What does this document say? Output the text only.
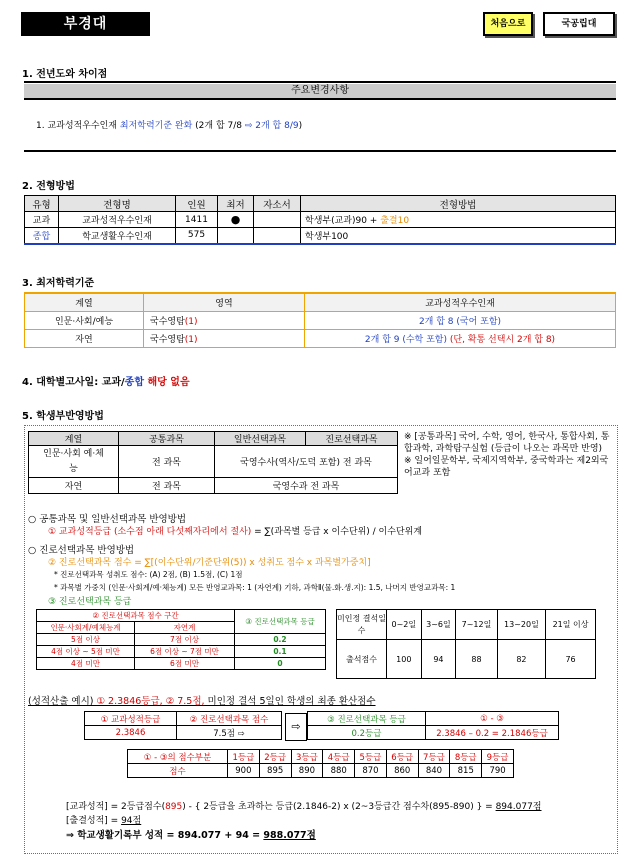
부경대	처음으로	국공립대
1. 전년도와 차이점
주요변경사항
1. 교과성적우수인재 최저학력기준 완화 (2개 합 7/8 ⇨ 2개 합 8/9)
2. 전형방법
유형	전형명	인원	최저	자소서	전형방법
교과	교과성적우수인재	1411	●		학생부(교과)90 + 출결10
종합	학교생활우수인재	575			학생부100
3. 최저학력기준
계열	영역	교과성적우수인재
인문·사회/예능	국수영탐(1)	2개 합 8 (국어 포함)
자연	국수영탐(1)	2개 합 9 (수학 포함) (단, 확통 선택시 2개 합 8)
4. 대학별고사일: 교과/종합 해당 없음
5. 학생부반영방법
계열	공통과목	일반선택과목	진로선택과목
인문·사회 예·체능	전 과목	국영수사(역사/도덕 포함) 전 과목	
자연	전 과목	국영수과 전 과목	
※ [공통과목] 국어, 수학, 영어, 한국사, 통합사회, 통합과학, 과학탐구실험 (등급이 나오는 과목만 반영)
※ 일어일문학부, 국제지역학부, 중국학과는 제2외국어교과 포함
○ 공통과목 및 일반선택과목 반영방법
① 교과성적등급 (소수점 아래 다섯째자리에서 절사) = ∑(과목별 등급 x 이수단위) / 이수단위계
○ 진로선택과목 반영방법
② 진로선택과목 점수 = ∑[(이수단위/기준단위(5)) x 성취도 점수 x 과목별가중치]
* 진로선택과목 성취도 점수: (A) 2점, (B) 1.5점, (C) 1점
* 과목별 가중치 (인문·사회계/예·체능계) 모든 반영교과목: 1 (자연계) 기하, 과학Ⅱ(물.화.생.지): 1.5, 나머지 반영교과목: 1
③ 진로선택과목 등급
② 진로선택과목 점수 구간		③ 진로선택과목 등급
인문·사회계/예체능계	자연계	
5점 이상	7점 이상	0.2
4점 이상 ~ 5점 미만	6점 이상 ~ 7점 미만	0.1
4점 미만	6점 미만	0
미인정 결석일수	0~2일	3~6일	7~12일	13~20일	21일 이상
출석점수	100	94	88	82	76
(성적산출 예시) ① 2.3846등급, ② 7.5점, 미인정 결석 5일인 학생의 최종 환산점수
① 교과성적등급	② 진로선택과목 점수
2.3846	7.5점 ⇨
⇨
③ 진로선택과목 등급	① - ③
0.2등급	2.3846 – 0.2 = 2.1846등급
① - ③의 점수부분	1등급	2등급	3등급	4등급	5등급	6등급	7등급	8등급	9등급
점수	900	895	890	880	870	860	840	815	790
[교과성적] = 2등급점수(895) - { 2등급을 초과하는 등급(2.1846-2) x (2~3등급간 점수차(895-890) } = 894.077점
[출결성적] = 94점
⇒ 학교생활기록부 성적 = 894.077 + 94 = 988.077점
